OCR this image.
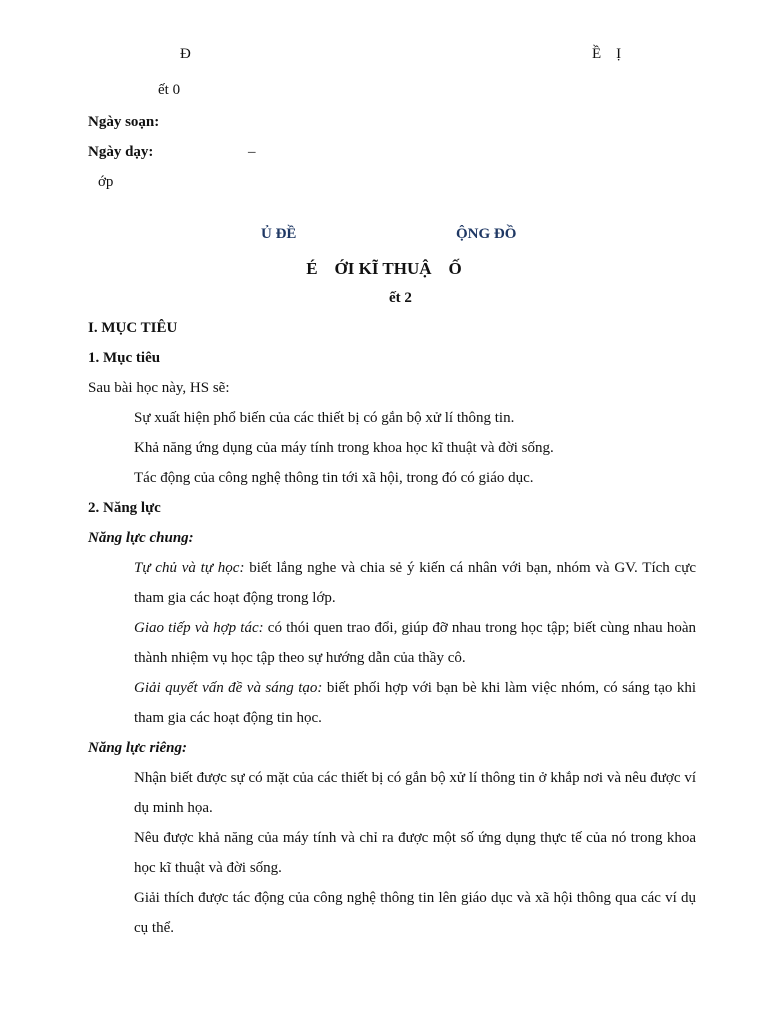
Đ	Ề    Ị
ết 0
Ngày soạn:
Ngày dạy:	–
ớp
Ủ ĐỀ	ỘNG ĐỒ
É    ỚI KĨ THUẬ    Ố
ết 2
I. MỤC TIÊU
1. Mục tiêu
Sau bài học này, HS sẽ:
Sự xuất hiện phổ biến của các thiết bị có gắn bộ xử lí thông tin.
Khả năng ứng dụng của máy tính trong khoa học kĩ thuật và đời sống.
Tác động của công nghệ thông tin tới xã hội, trong đó có giáo dục.
2. Năng lực
Năng lực chung:
Tự chủ và tự học: biết lắng nghe và chia sẻ ý kiến cá nhân với bạn, nhóm và GV. Tích cực tham gia các hoạt động trong lớp.
Giao tiếp và hợp tác: có thói quen trao đổi, giúp đỡ nhau trong học tập; biết cùng nhau hoàn thành nhiệm vụ học tập theo sự hướng dẫn của thầy cô.
Giải quyết vấn đề và sáng tạo: biết phối hợp với bạn bè khi làm việc nhóm, có sáng tạo khi tham gia các hoạt động tin học.
Năng lực riêng:
Nhận biết được sự có mặt của các thiết bị có gắn bộ xử lí thông tin ở khắp nơi và nêu được ví dụ minh họa.
Nêu được khả năng của máy tính và chỉ ra được một số ứng dụng thực tế của nó trong khoa học kĩ thuật và đời sống.
Giải thích được tác động của công nghệ thông tin lên giáo dục và xã hội thông qua các ví dụ cụ thể.
